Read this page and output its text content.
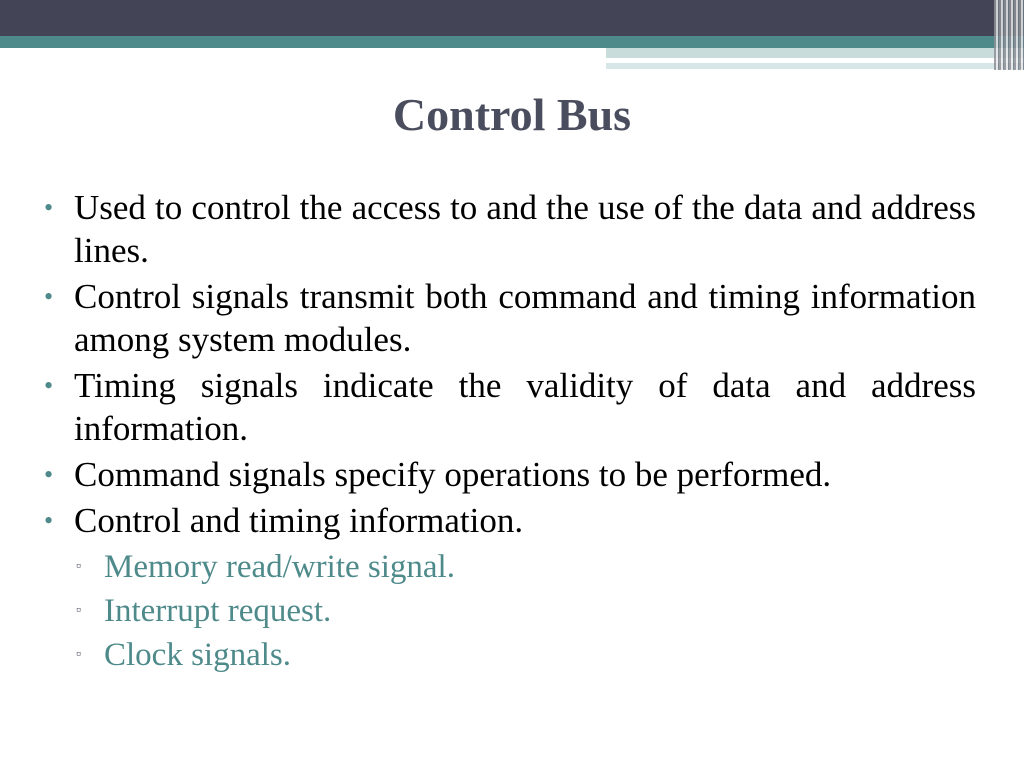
Control Bus
• Used to control the access to and the use of the data and address lines.
• Control signals transmit both command and timing information among system modules.
• Timing signals indicate the validity of data and address information.
• Command signals specify operations to be performed.
• Control and timing information.
▫ Memory read/write signal.
▫ Interrupt request.
▫ Clock signals.
